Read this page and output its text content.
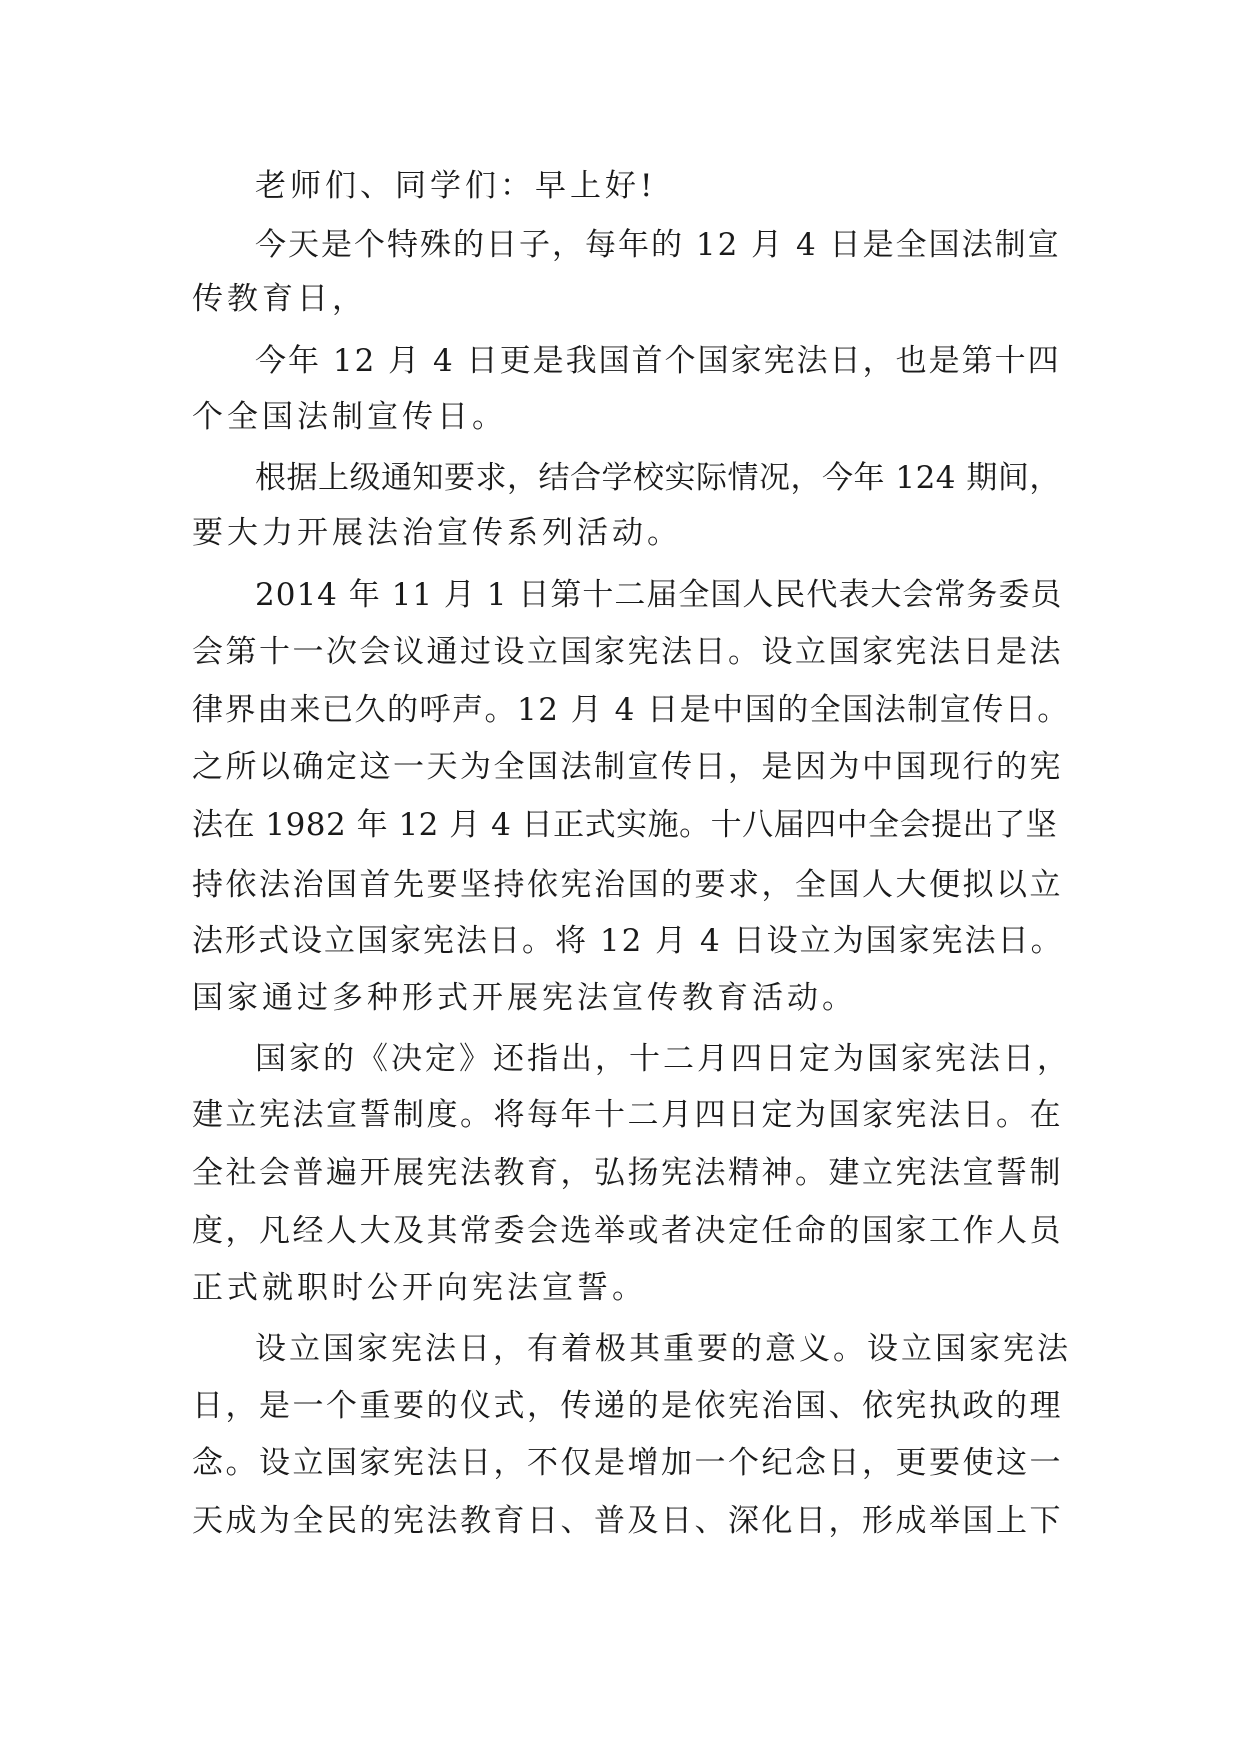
老师们、同学们：早上好!
今天是个特殊的日子，每年的 12 月 4 日是全国法制宣
传教育日，
今年 12 月 4 日更是我国首个国家宪法日，也是第十四
个全国法制宣传日。
根据上级通知要求，结合学校实际情况，今年 124 期间，
要大力开展法治宣传系列活动。
2014 年 11 月 1 日第十二届全国人民代表大会常务委员
会第十一次会议通过设立国家宪法日。设立国家宪法日是法
律界由来已久的呼声。12 月 4 日是中国的全国法制宣传日。
之所以确定这一天为全国法制宣传日，是因为中国现行的宪
法在 1982 年 12 月 4 日正式实施。十八届四中全会提出了坚
持依法治国首先要坚持依宪治国的要求，全国人大便拟以立
法形式设立国家宪法日。将 12 月 4 日设立为国家宪法日。
国家通过多种形式开展宪法宣传教育活动。
国家的《决定》还指出，十二月四日定为国家宪法日，
建立宪法宣誓制度。将每年十二月四日定为国家宪法日。在
全社会普遍开展宪法教育，弘扬宪法精神。建立宪法宣誓制
度，凡经人大及其常委会选举或者决定任命的国家工作人员
正式就职时公开向宪法宣誓。
设立国家宪法日，有着极其重要的意义。设立国家宪法
日，是一个重要的仪式，传递的是依宪治国、依宪执政的理
念。设立国家宪法日，不仅是增加一个纪念日，更要使这一
天成为全民的宪法教育日、普及日、深化日，形成举国上下
